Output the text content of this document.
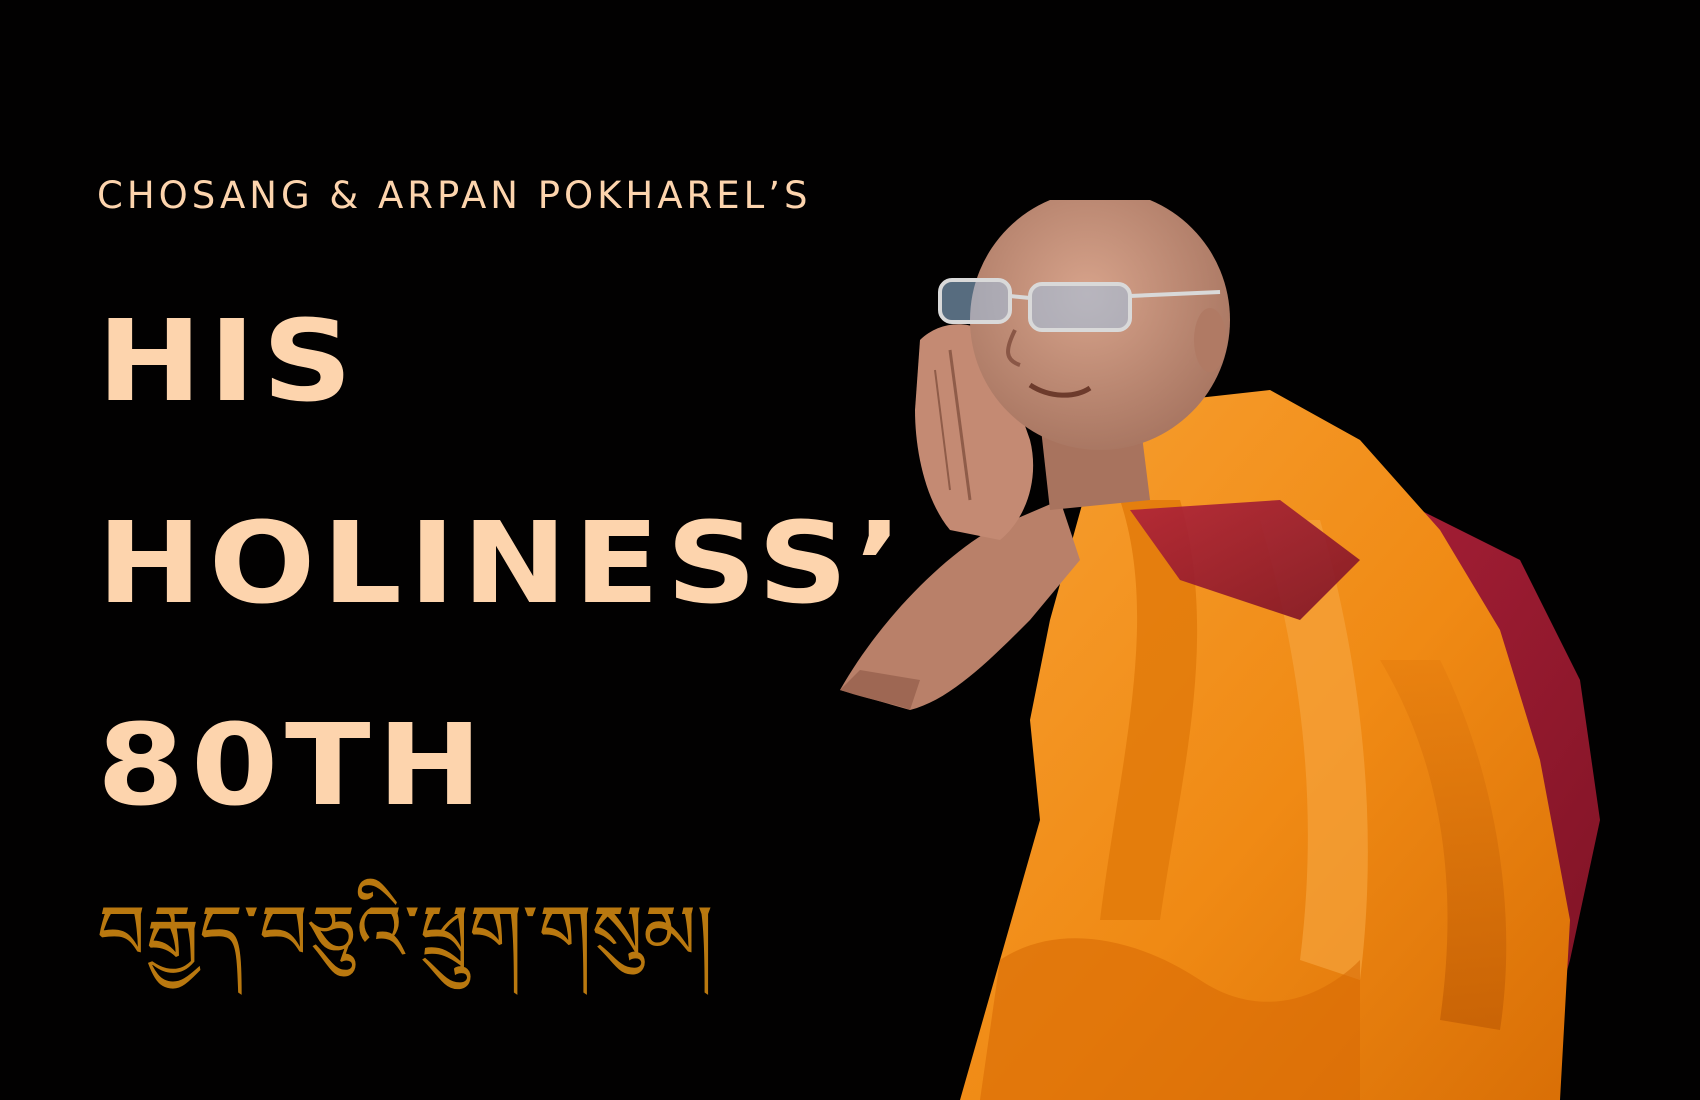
CHOSANG & ARPAN POKHAREL’S
HIS
HOLINESS’
80TH
བརྒྱད་བཅུའི་ཕྲུག་གསུམ།
